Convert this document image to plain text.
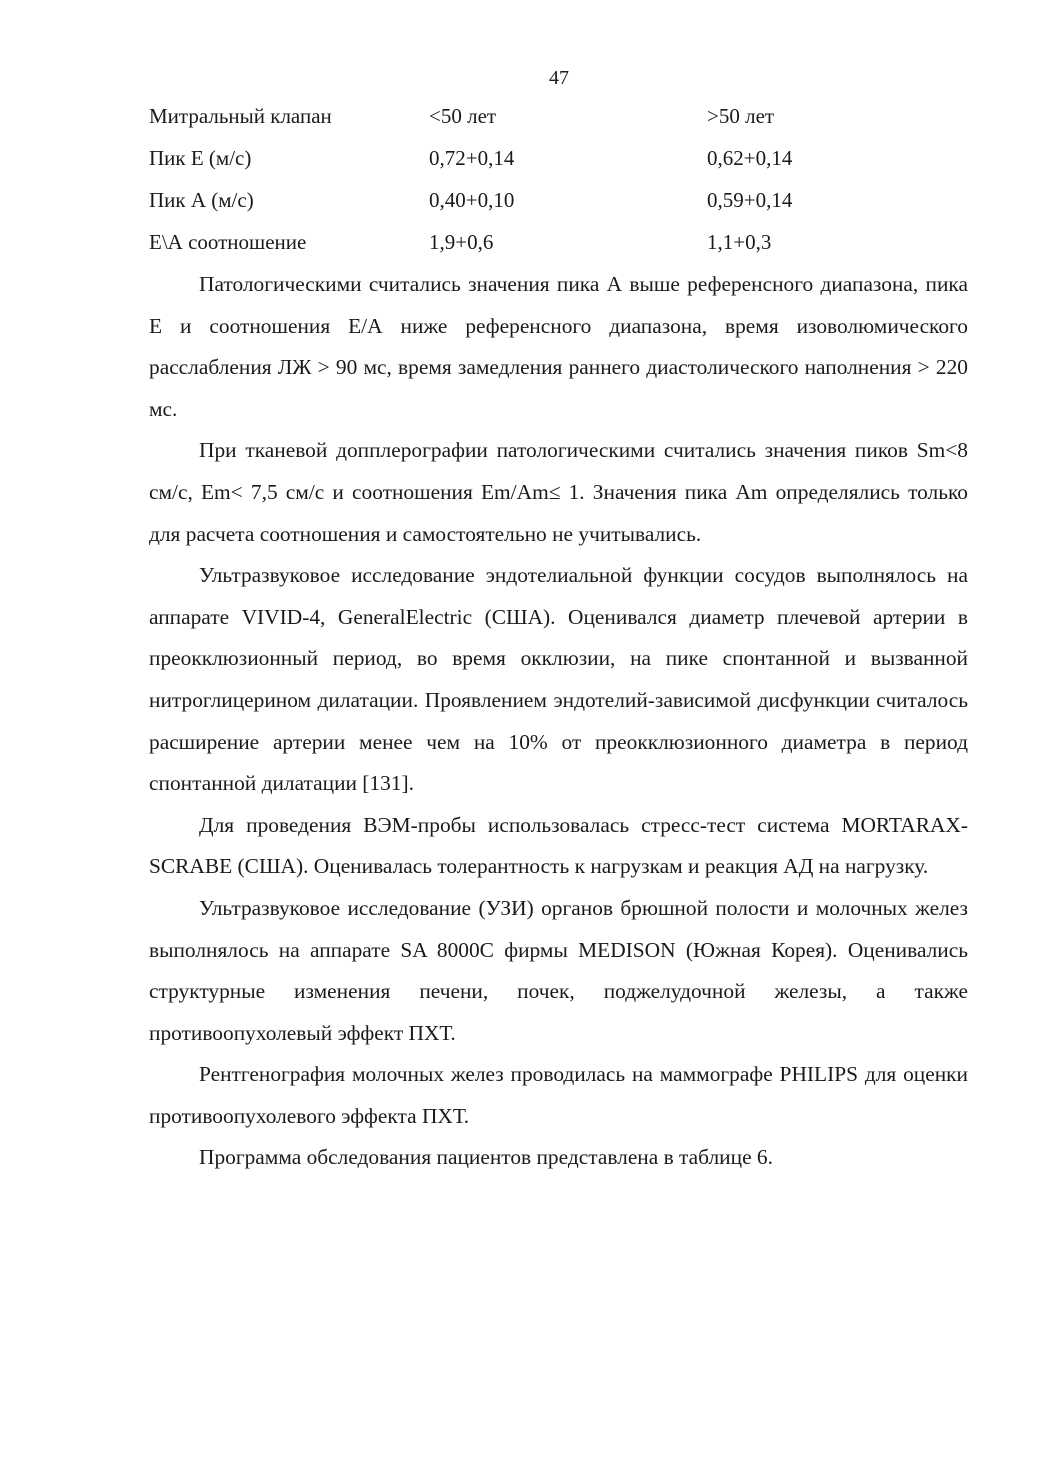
47
Митральный клапан	<50 лет	>50 лет
Пик Е (м/с)	0,72+0,14	0,62+0,14
Пик А (м/с)	0,40+0,10	0,59+0,14
Е\А соотношение	1,9+0,6	1,1+0,3

Патологическими считались значения пика А выше референсного диапазона, пика Е и соотношения Е/А ниже референсного диапазона, время изоволюмического расслабления ЛЖ > 90 мс, время замедления раннего диастолического наполнения > 220 мс.

При тканевой допплерографии патологическими считались значения пиков Sm<8 см/с, Em< 7,5 см/с и соотношения Em/Am≤ 1. Значения пика Am определялись только для расчета соотношения и самостоятельно не учитывались.

Ультразвуковое исследование эндотелиальной функции сосудов выполнялось на аппарате VIVID-4, GeneralElectric (США). Оценивался диаметр плечевой артерии в преокклюзионный период, во время окклюзии, на пике спонтанной и вызванной нитроглицерином дилатации. Проявлением эндотелий-зависимой дисфункции считалось расширение артерии менее чем на 10% от преокклюзионного диаметра в период спонтанной дилатации [131].

Для проведения ВЭМ-пробы использовалась стресс-тест система MORTARAX-SCRABE (США). Оценивалась толерантность к нагрузкам и реакция АД на нагрузку.

Ультразвуковое исследование (УЗИ) органов брюшной полости и молочных желез выполнялось на аппарате SA 8000C фирмы MEDISON (Южная Корея). Оценивались структурные изменения печени, почек, поджелудочной железы, а также противоопухолевый эффект ПХТ.

Рентгенография молочных желез проводилась на маммографе PHILIPS для оценки противоопухолевого эффекта ПХТ.

Программа обследования пациентов представлена в таблице 6.
